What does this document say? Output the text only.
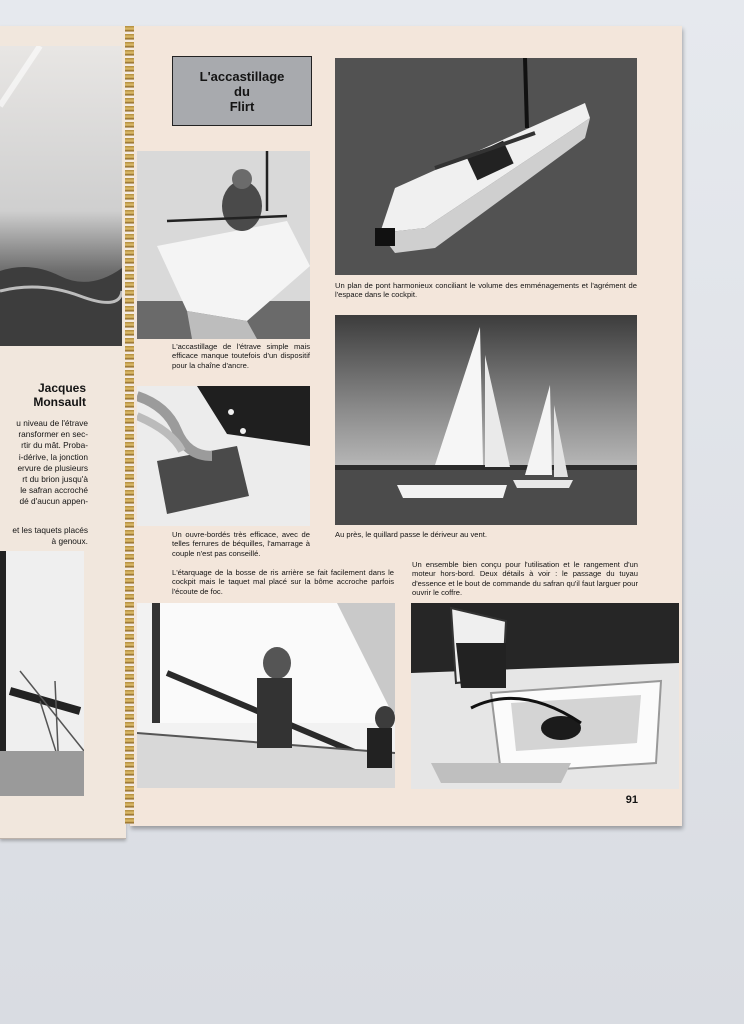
Jacques
Monsault
u niveau de l'étrave
ransformer en sec-
rtir du mât. Proba-
i-dérive, la jonction
ervure de plusieurs
rt du brion jusqu'à
le safran accroché
dé d'aucun appen-
et les taquets placés
à genoux.
L'accastillage
du
Flirt

Un plan de pont harmonieux conciliant le volume des emménagements et l'agrément de l'espace dans le cockpit.

L'accastillage de l'étrave simple mais efficace manque toutefois d'un dispositif pour la chaîne d'ancre.

Au près, le quillard passe le dériveur au vent.

Un ouvre-bordés très efficace, avec de telles ferrures de béquilles, l'amarrage à couple n'est pas conseillé.

L'étarquage de la bosse de ris arrière se fait facilement dans le cockpit mais le taquet mal placé sur la bôme accroche parfois l'écoute de foc.

Un ensemble bien conçu pour l'utilisation et le rangement d'un moteur hors-bord. Deux détails à voir : le passage du tuyau d'essence et le bout de commande du safran qu'il faut larguer pour ouvrir le coffre.

91
